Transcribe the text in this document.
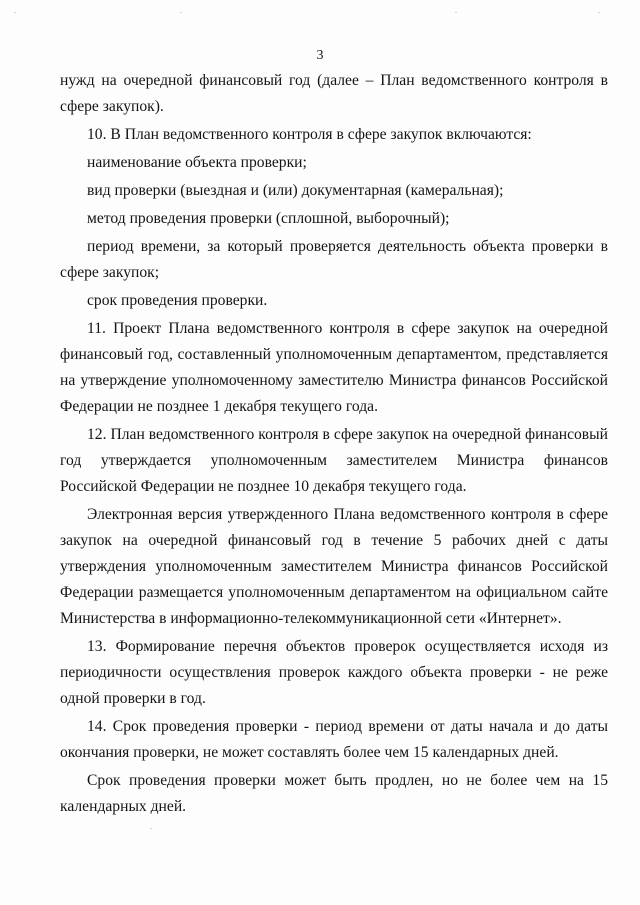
3

нужд на очередной финансовый год (далее – План ведомственного контроля в сфере закупок).

10. В План ведомственного контроля в сфере закупок включаются:

наименование объекта проверки;

вид проверки (выездная и (или) документарная (камеральная);

метод проведения проверки (сплошной, выборочный);

период времени, за который проверяется деятельность объекта проверки в сфере закупок;

срок проведения проверки.

11. Проект Плана ведомственного контроля в сфере закупок на очередной финансовый год, составленный уполномоченным департаментом, представляется на утверждение уполномоченному заместителю Министра финансов Российской Федерации не позднее 1 декабря текущего года.

12. План ведомственного контроля в сфере закупок на очередной финансовый год утверждается уполномоченным заместителем Министра финансов Российской Федерации не позднее 10 декабря текущего года.

Электронная версия утвержденного Плана ведомственного контроля в сфере закупок на очередной финансовый год в течение 5 рабочих дней с даты утверждения уполномоченным заместителем Министра финансов Российской Федерации размещается уполномоченным департаментом на официальном сайте Министерства в информационно-телекоммуникационной сети «Интернет».

13. Формирование перечня объектов проверок осуществляется исходя из периодичности осуществления проверок каждого объекта проверки - не реже одной проверки в год.

14. Срок проведения проверки - период времени от даты начала и до даты окончания проверки, не может составлять более чем 15 календарных дней.

Срок проведения проверки может быть продлен, но не более чем на 15 календарных дней.
